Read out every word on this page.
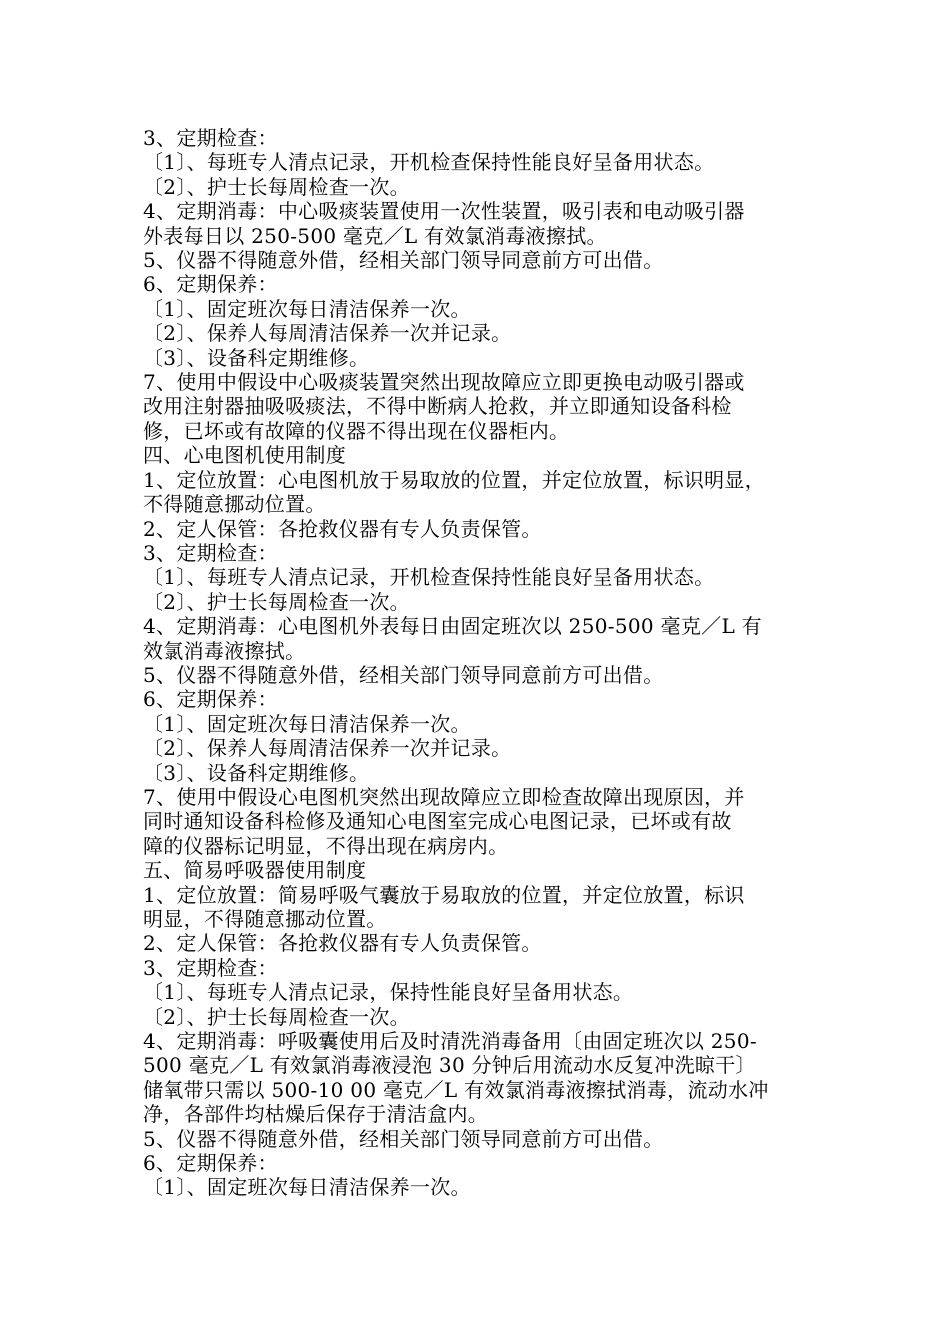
3、定期检查：
〔1〕、每班专人清点记录，开机检查保持性能良好呈备用状态。
〔2〕、护士长每周检查一次。
4、定期消毒：中心吸痰装置使用一次性装置，吸引表和电动吸引器
外表每日以 250-500 毫克／L 有效氯消毒液擦拭。
5、仪器不得随意外借，经相关部门领导同意前方可出借。
6、定期保养：
〔1〕、固定班次每日清洁保养一次。
〔2〕、保养人每周清洁保养一次并记录。
〔3〕、设备科定期维修。
7、使用中假设中心吸痰装置突然出现故障应立即更换电动吸引器或
改用注射器抽吸吸痰法，不得中断病人抢救，并立即通知设备科检
修，已坏或有故障的仪器不得出现在仪器柜内。
四、心电图机使用制度
1、定位放置：心电图机放于易取放的位置，并定位放置，标识明显，
不得随意挪动位置。
2、定人保管：各抢救仪器有专人负责保管。
3、定期检查：
〔1〕、每班专人清点记录，开机检查保持性能良好呈备用状态。
〔2〕、护士长每周检查一次。
4、定期消毒：心电图机外表每日由固定班次以 250-500 毫克／L 有
效氯消毒液擦拭。
5、仪器不得随意外借，经相关部门领导同意前方可出借。
6、定期保养：
〔1〕、固定班次每日清洁保养一次。
〔2〕、保养人每周清洁保养一次并记录。
〔3〕、设备科定期维修。
7、使用中假设心电图机突然出现故障应立即检查故障出现原因，并
同时通知设备科检修及通知心电图室完成心电图记录，已坏或有故
障的仪器标记明显，不得出现在病房内。
五、简易呼吸器使用制度
1、定位放置：简易呼吸气囊放于易取放的位置，并定位放置，标识
明显，不得随意挪动位置。
2、定人保管：各抢救仪器有专人负责保管。
3、定期检查：
〔1〕、每班专人清点记录，保持性能良好呈备用状态。
〔2〕、护士长每周检查一次。
4、定期消毒：呼吸囊使用后及时清洗消毒备用〔由固定班次以 250-
500 毫克／L 有效氯消毒液浸泡 30 分钟后用流动水反复冲洗晾干〕
储氧带只需以 500-10 00 毫克／L 有效氯消毒液擦拭消毒，流动水冲
净，各部件均枯燥后保存于清洁盒内。
5、仪器不得随意外借，经相关部门领导同意前方可出借。
6、定期保养：
〔1〕、固定班次每日清洁保养一次。
